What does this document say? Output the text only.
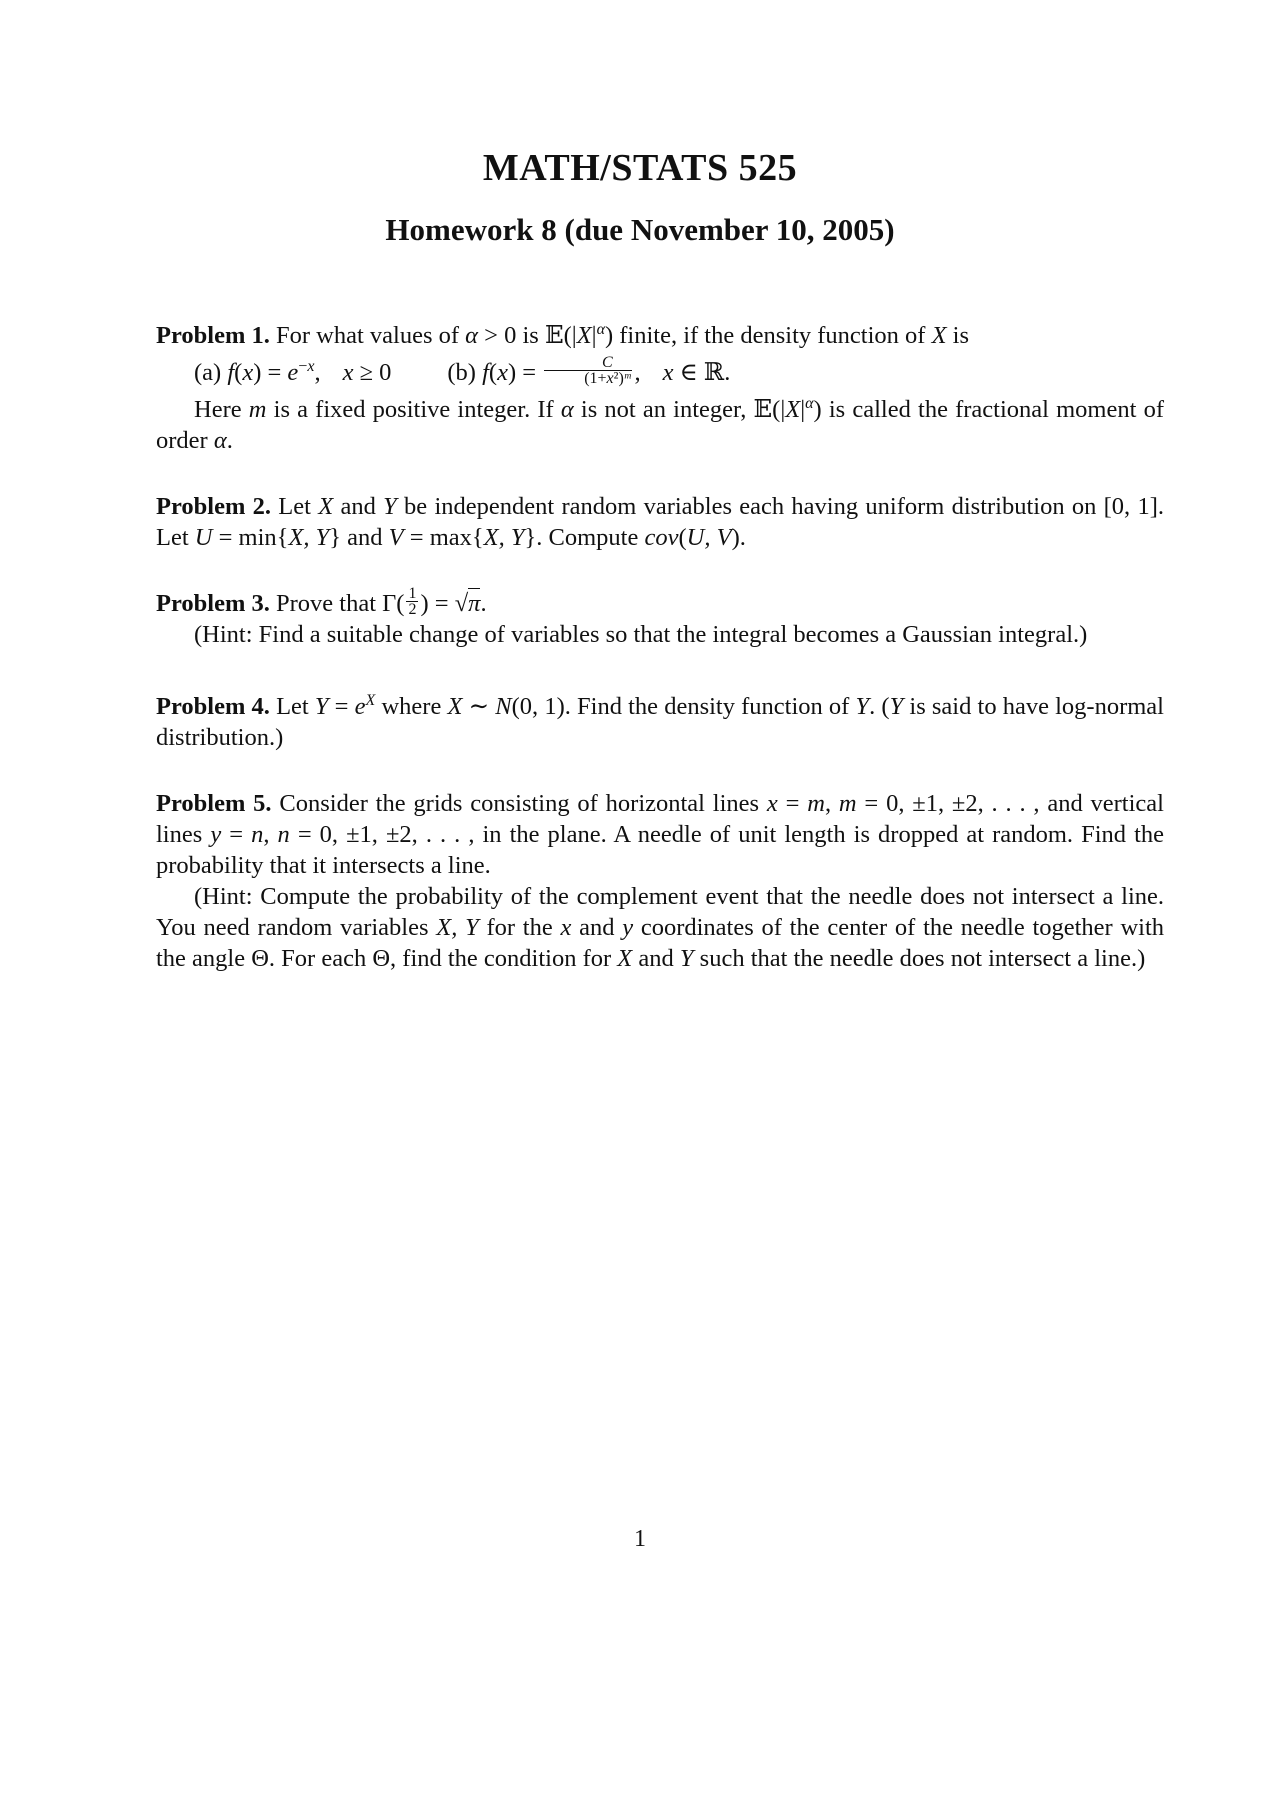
MATH/STATS 525
Homework 8 (due November 10, 2005)

Problem 1. For what values of α > 0 is $𝔼(|X|^\alpha)$ finite, if the density function of X is

(a) $f(x) = e^{-x}$, x ≥ 0 (b) $f(x) = \frac{C}{\text{(1+x²)ᵐ}}$ , x ∈ ℝ.

Here m is a fixed positive integer. If α is not an integer, $𝔼(|X|^\alpha)$ is called the fractional moment of order α.

Problem 2. Let X and Y be independent random variables each having uniform distribution on [0, 1]. Let U = min{X, Y} and V = max{X, Y}. Compute cov(U, V).

Problem 3. Prove that $\Gamma( \frac{1}{2}$ ) = √π.

(Hint: Find a suitable change of variables so that the integral becomes a Gaussian integral.)

Problem 4. Let $Y = e^X$ where X ∼ N(0, 1). Find the density function of Y. (Y is said to have log-normal distribution.)

Problem 5. Consider the grids consisting of horizontal lines x = m, m = 0, ±1, ±2, . . . , and vertical lines y = n, n = 0, ±1, ±2, . . . , in the plane. A needle of unit length is dropped at random. Find the probability that it intersects a line.

(Hint: Compute the probability of the complement event that the needle does not intersect a line. You need random variables X, Y for the x and y coordinates of the center of the needle together with the angle Θ. For each Θ, find the condition for X and Y such that the needle does not intersect a line.)

1
